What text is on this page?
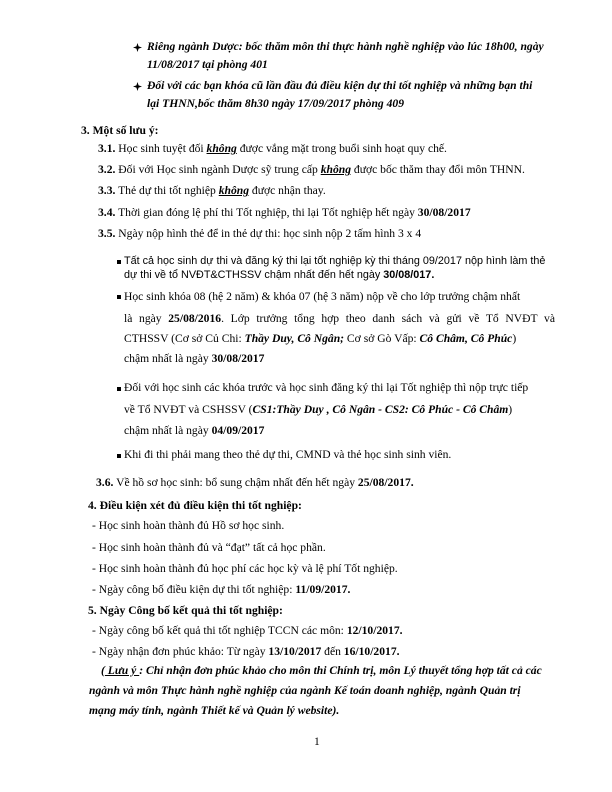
Riêng ngành Dược: bốc thăm môn thi thực hành nghề nghiệp vào lúc 18h00, ngày
11/08/2017 tại phòng 401
Đối với các bạn khóa cũ lần đầu đủ điều kiện dự thi tốt nghiệp và những bạn thi
lại THNN,bốc thăm 8h30 ngày 17/09/2017 phòng 409
3. Một số lưu ý:
3.1. Học sinh tuyệt đối không được vắng mặt trong buổi sinh hoạt quy chế.
3.2. Đối với Học sinh ngành Dược sỹ trung cấp không được bốc thăm thay đổi môn THNN.
3.3. Thẻ dự thi tốt nghiệp không được nhận thay.
3.4. Thời gian đóng lệ phí thi Tốt nghiệp, thi lại Tốt nghiệp hết ngày 30/08/2017
3.5. Ngày nộp hình thẻ để in thẻ dự thi: học sinh nộp 2 tấm hình 3 x 4
Tất cả học sinh dự thi và đăng ký thi lại tốt nghiệp kỳ thi tháng 09/2017 nộp hình làm thẻ
dự thi về tổ NVĐT&CTHSSV chậm nhất đến hết ngày 30/08/017.
Học sinh khóa 08 (hệ 2 năm) & khóa 07 (hệ 3 năm) nộp về cho lớp trưởng chậm nhất
là ngày 25/08/2016. Lớp trưởng tổng hợp theo danh sách và gửi về Tổ NVĐT và
CTHSSV (Cơ sở Củ Chi: Thầy Duy, Cô Ngân; Cơ sở Gò Vấp: Cô Châm, Cô Phúc)
chậm nhất là ngày 30/08/2017
Đối với học sinh các khóa trước và học sinh đăng ký thi lại Tốt nghiệp thì nộp trực tiếp
về Tổ NVĐT và CSHSSV (CS1:Thầy Duy , Cô Ngân - CS2: Cô Phúc - Cô Châm)
chậm nhất là ngày 04/09/2017
Khi đi thi phải mang theo thẻ dự thi, CMND và thẻ học sinh sinh viên.
3.6. Về hồ sơ học sinh: bổ sung chậm nhất đến hết ngày 25/08/2017.
4. Điều kiện xét đủ điều kiện thi tốt nghiệp:
- Học sinh hoàn thành đủ Hồ sơ học sinh.
- Học sinh hoàn thành đủ và “đạt” tất cả học phần.
- Học sinh hoàn thành đủ học phí các học kỳ và lệ phí Tốt nghiệp.
- Ngày công bố điều kiện dự thi tốt nghiệp: 11/09/2017.
5. Ngày Công bố kết quả thi tốt nghiệp:
- Ngày công bố kết quả thi tốt nghiệp TCCN các môn: 12/10/2017.
- Ngày nhận đơn phúc khảo: Từ ngày 13/10/2017 đến 16/10/2017.
( Lưu ý : Chỉ nhận đơn phúc khảo cho môn thi Chính trị, môn Lý thuyết tổng hợp tất cả các
ngành và môn Thực hành nghề nghiệp của ngành Kế toán doanh nghiệp, ngành Quản trị
mạng máy tính, ngành Thiết kế và Quản lý website).
1
